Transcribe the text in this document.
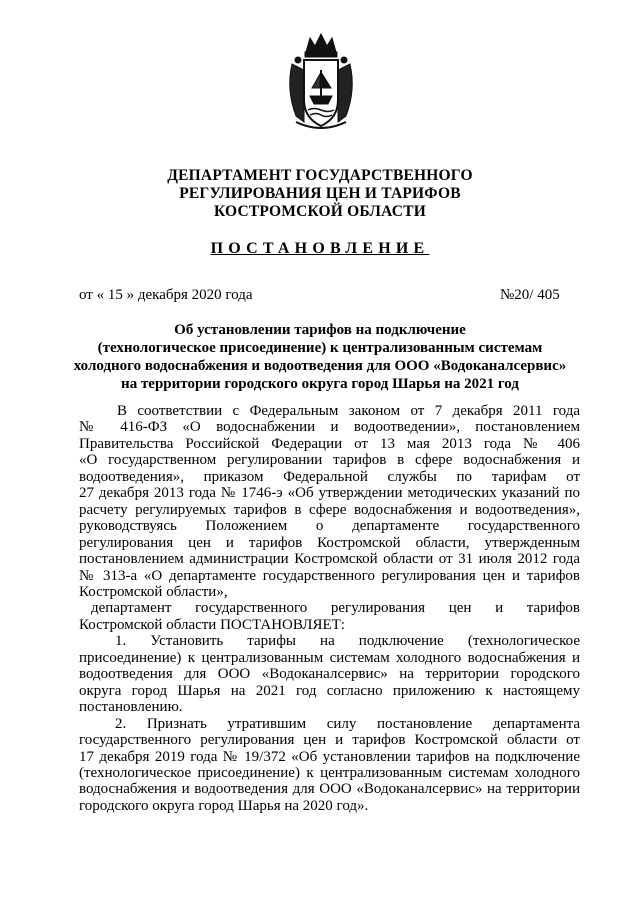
ДЕПАРТАМЕНТ ГОСУДАРСТВЕННОГО
РЕГУЛИРОВАНИЯ ЦЕН И ТАРИФОВ
КОСТРОМСКОЙ ОБЛАСТИ
ПОСТАНОВЛЕНИЕ
от « 15 » декабря 2020 года	№20/ 405
Об установлении тарифов на подключение
(технологическое присоединение) к централизованным системам
холодного водоснабжения и водоотведения для ООО «Водоканалсервис»
на территории городского округа город Шарья на 2021 год

В соответствии с Федеральным законом от 7 декабря 2011 года

№ 416-ФЗ «О водоснабжении и водоотведении», постановлением

Правительства Российской Федерации от 13 мая 2013 года № 406

«О государственном регулировании тарифов в сфере водоснабжения и

водоотведения», приказом Федеральной службы по тарифам от

27 декабря 2013 года № 1746-э «Об утверждении методических указаний по

расчету регулируемых тарифов в сфере водоснабжения и водоотведения»,

руководствуясь Положением о департаменте государственного

регулирования цен и тарифов Костромской области, утвержденным

постановлением администрации Костромской области от 31 июля 2012 года

№ 313-а «О департаменте государственного регулирования цен и тарифов

Костромской области»,

департамент государственного регулирования цен и тарифов

Костромской области ПОСТАНОВЛЯЕТ:

1. Установить тарифы на подключение (технологическое

присоединение) к централизованным системам холодного водоснабжения и

водоотведения для ООО «Водоканалсервис» на территории городского

округа город Шарья на 2021 год согласно приложению к настоящему

постановлению.

2. Признать утратившим силу постановление департамента

государственного регулирования цен и тарифов Костромской области от

17 декабря 2019 года № 19/372 «Об установлении тарифов на подключение

(технологическое присоединение) к централизованным системам холодного

водоснабжения и водоотведения для ООО «Водоканалсервис» на территории

городского округа город Шарья на 2020 год».
